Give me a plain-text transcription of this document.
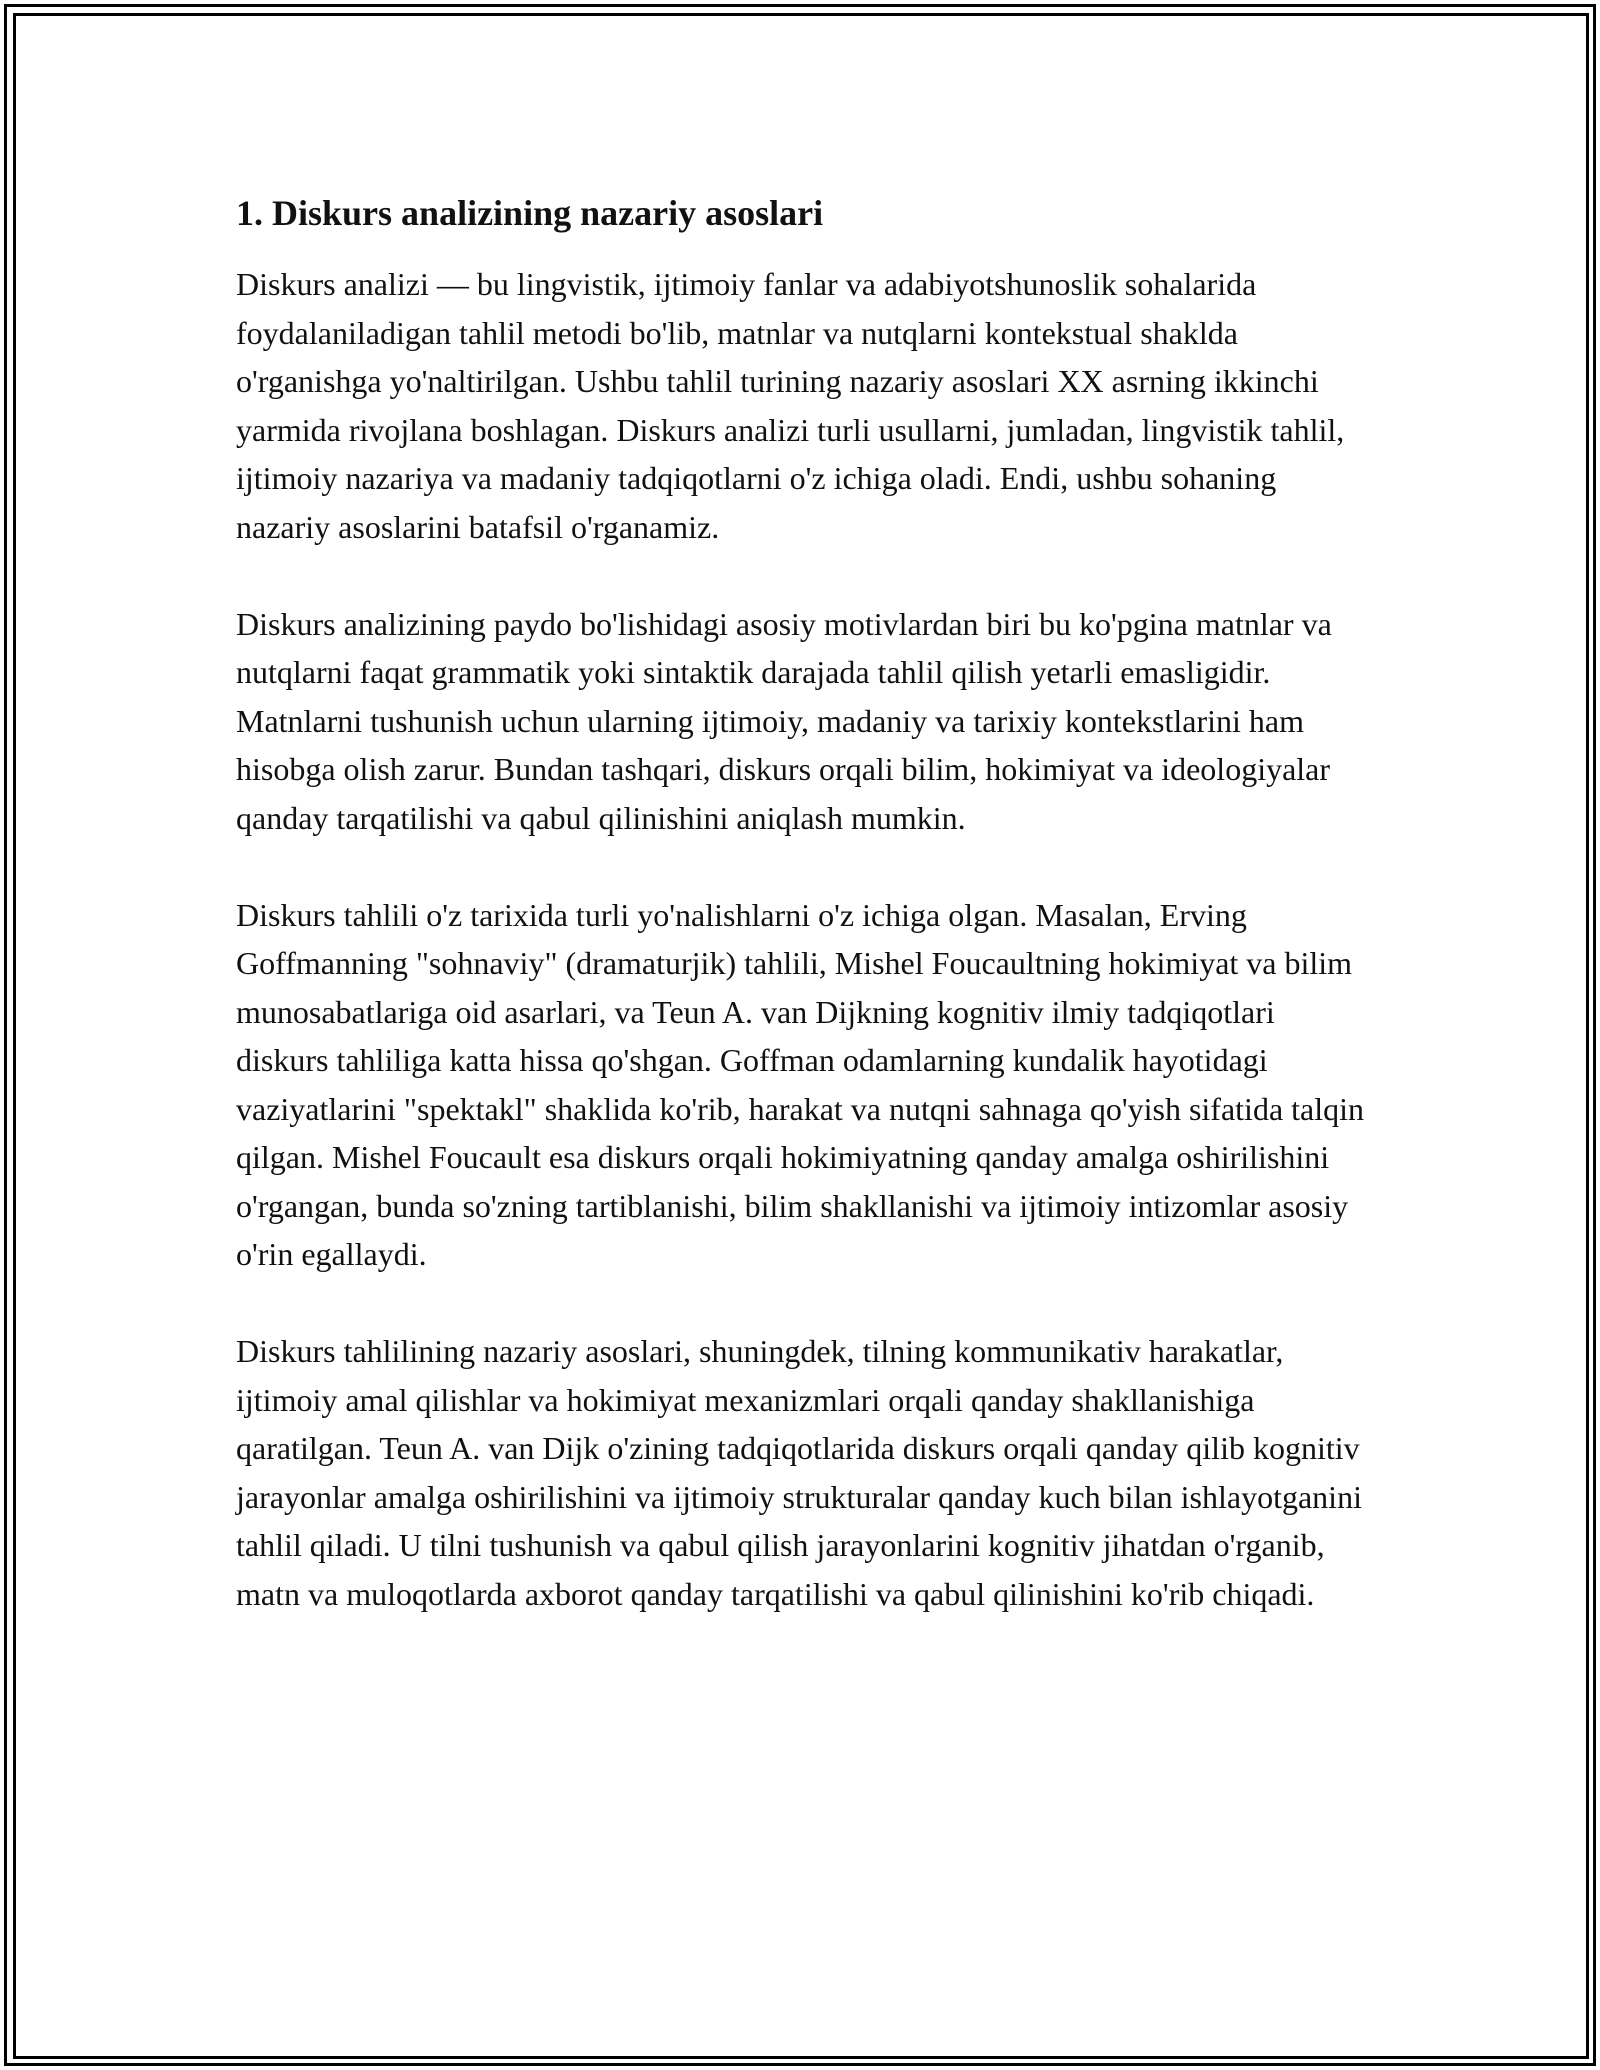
1. Diskurs analizining nazariy asoslari

Diskurs analizi — bu lingvistik, ijtimoiy fanlar va adabiyotshunoslik sohalarida foydalaniladigan tahlil metodi bo'lib, matnlar va nutqlarni kontekstual shaklda o'rganishga yo'naltirilgan. Ushbu tahlil turining nazariy asoslari XX asrning ikkinchi yarmida rivojlana boshlagan. Diskurs analizi turli usullarni, jumladan, lingvistik tahlil, ijtimoiy nazariya va madaniy tadqiqotlarni o'z ichiga oladi. Endi, ushbu sohaning nazariy asoslarini batafsil o'rganamiz.

Diskurs analizining paydo bo'lishidagi asosiy motivlardan biri bu ko'pgina matnlar va nutqlarni faqat grammatik yoki sintaktik darajada tahlil qilish yetarli emasligidir. Matnlarni tushunish uchun ularning ijtimoiy, madaniy va tarixiy kontekstlarini ham hisobga olish zarur. Bundan tashqari, diskurs orqali bilim, hokimiyat va ideologiyalar qanday tarqatilishi va qabul qilinishini aniqlash mumkin.

Diskurs tahlili o'z tarixida turli yo'nalishlarni o'z ichiga olgan. Masalan, Erving Goffmanning "sohnaviy" (dramaturjik) tahlili, Mishel Foucaultning hokimiyat va bilim munosabatlariga oid asarlari, va Teun A. van Dijkning kognitiv ilmiy tadqiqotlari diskurs tahliliga katta hissa qo'shgan. Goffman odamlarning kundalik hayotidagi vaziyatlarini "spektakl" shaklida ko'rib, harakat va nutqni sahnaga qo'yish sifatida talqin qilgan. Mishel Foucault esa diskurs orqali hokimiyatning qanday amalga oshirilishini o'rgangan, bunda so'zning tartiblanishi, bilim shakllanishi va ijtimoiy intizomlar asosiy o'rin egallaydi.

Diskurs tahlilining nazariy asoslari, shuningdek, tilning kommunikativ harakatlar, ijtimoiy amal qilishlar va hokimiyat mexanizmlari orqali qanday shakllanishiga qaratilgan. Teun A. van Dijk o'zining tadqiqotlarida diskurs orqali qanday qilib kognitiv jarayonlar amalga oshirilishini va ijtimoiy strukturalar qanday kuch bilan ishlayotganini tahlil qiladi. U tilni tushunish va qabul qilish jarayonlarini kognitiv jihatdan o'rganib, matn va muloqotlarda axborot qanday tarqatilishi va qabul qilinishini ko'rib chiqadi.
